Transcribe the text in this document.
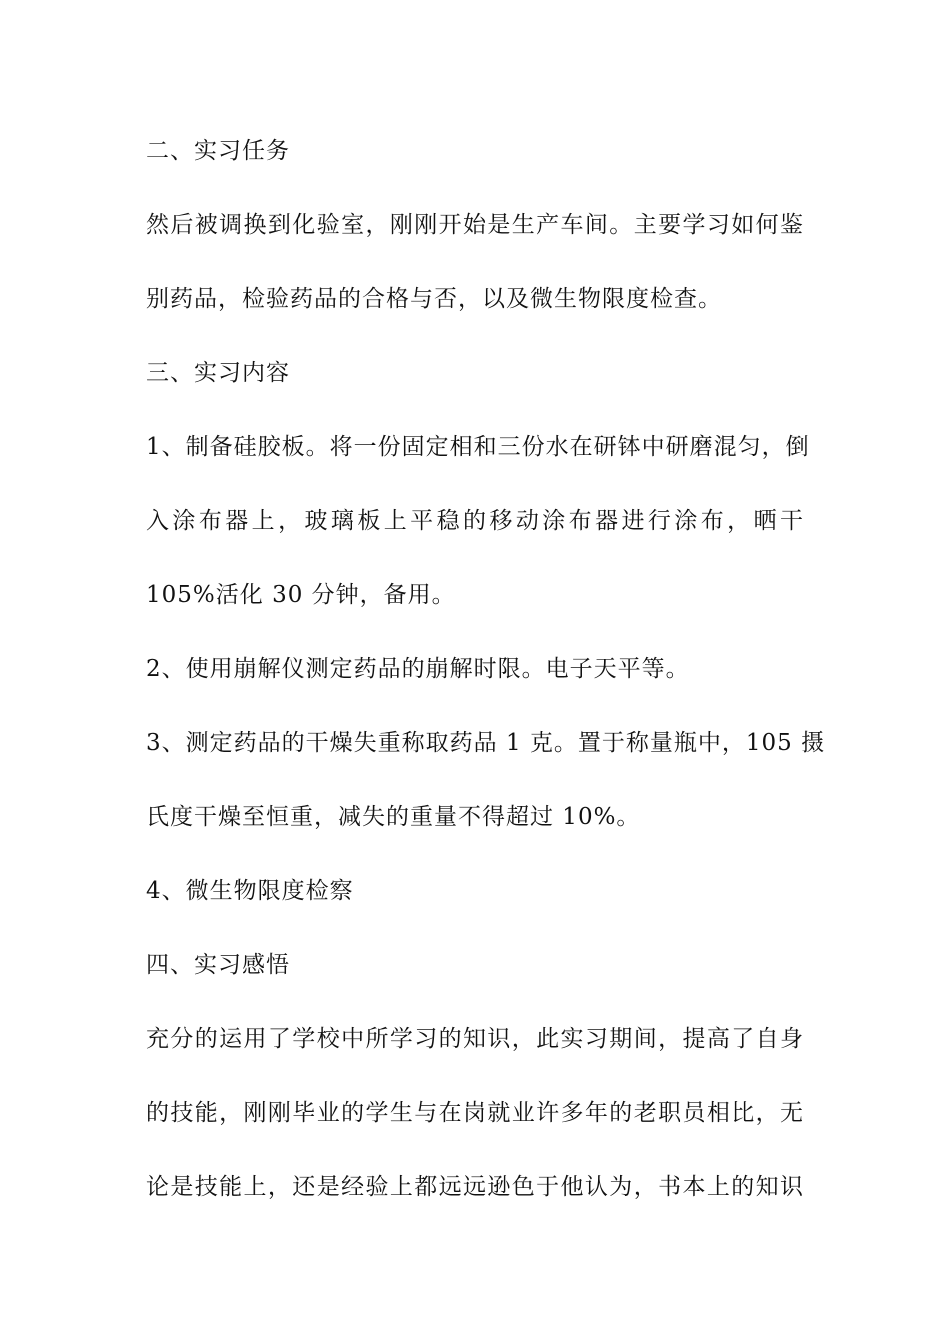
二、实习任务
然后被调换到化验室，刚刚开始是生产车间。主要学习如何鉴
别药品，检验药品的合格与否，以及微生物限度检查。
三、实习内容
1、制备硅胶板。将一份固定相和三份水在研钵中研磨混匀，倒
入涂布器上，玻璃板上平稳的移动涂布器进行涂布，晒干
105%活化 30 分钟，备用。
2、使用崩解仪测定药品的崩解时限。电子天平等。
3、测定药品的干燥失重称取药品 1 克。置于称量瓶中，105 摄
氏度干燥至恒重，减失的重量不得超过 10%。
4、微生物限度检察
四、实习感悟
充分的运用了学校中所学习的知识，此实习期间，提高了自身
的技能，刚刚毕业的学生与在岗就业许多年的老职员相比，无
论是技能上，还是经验上都远远逊色于他认为，书本上的知识
